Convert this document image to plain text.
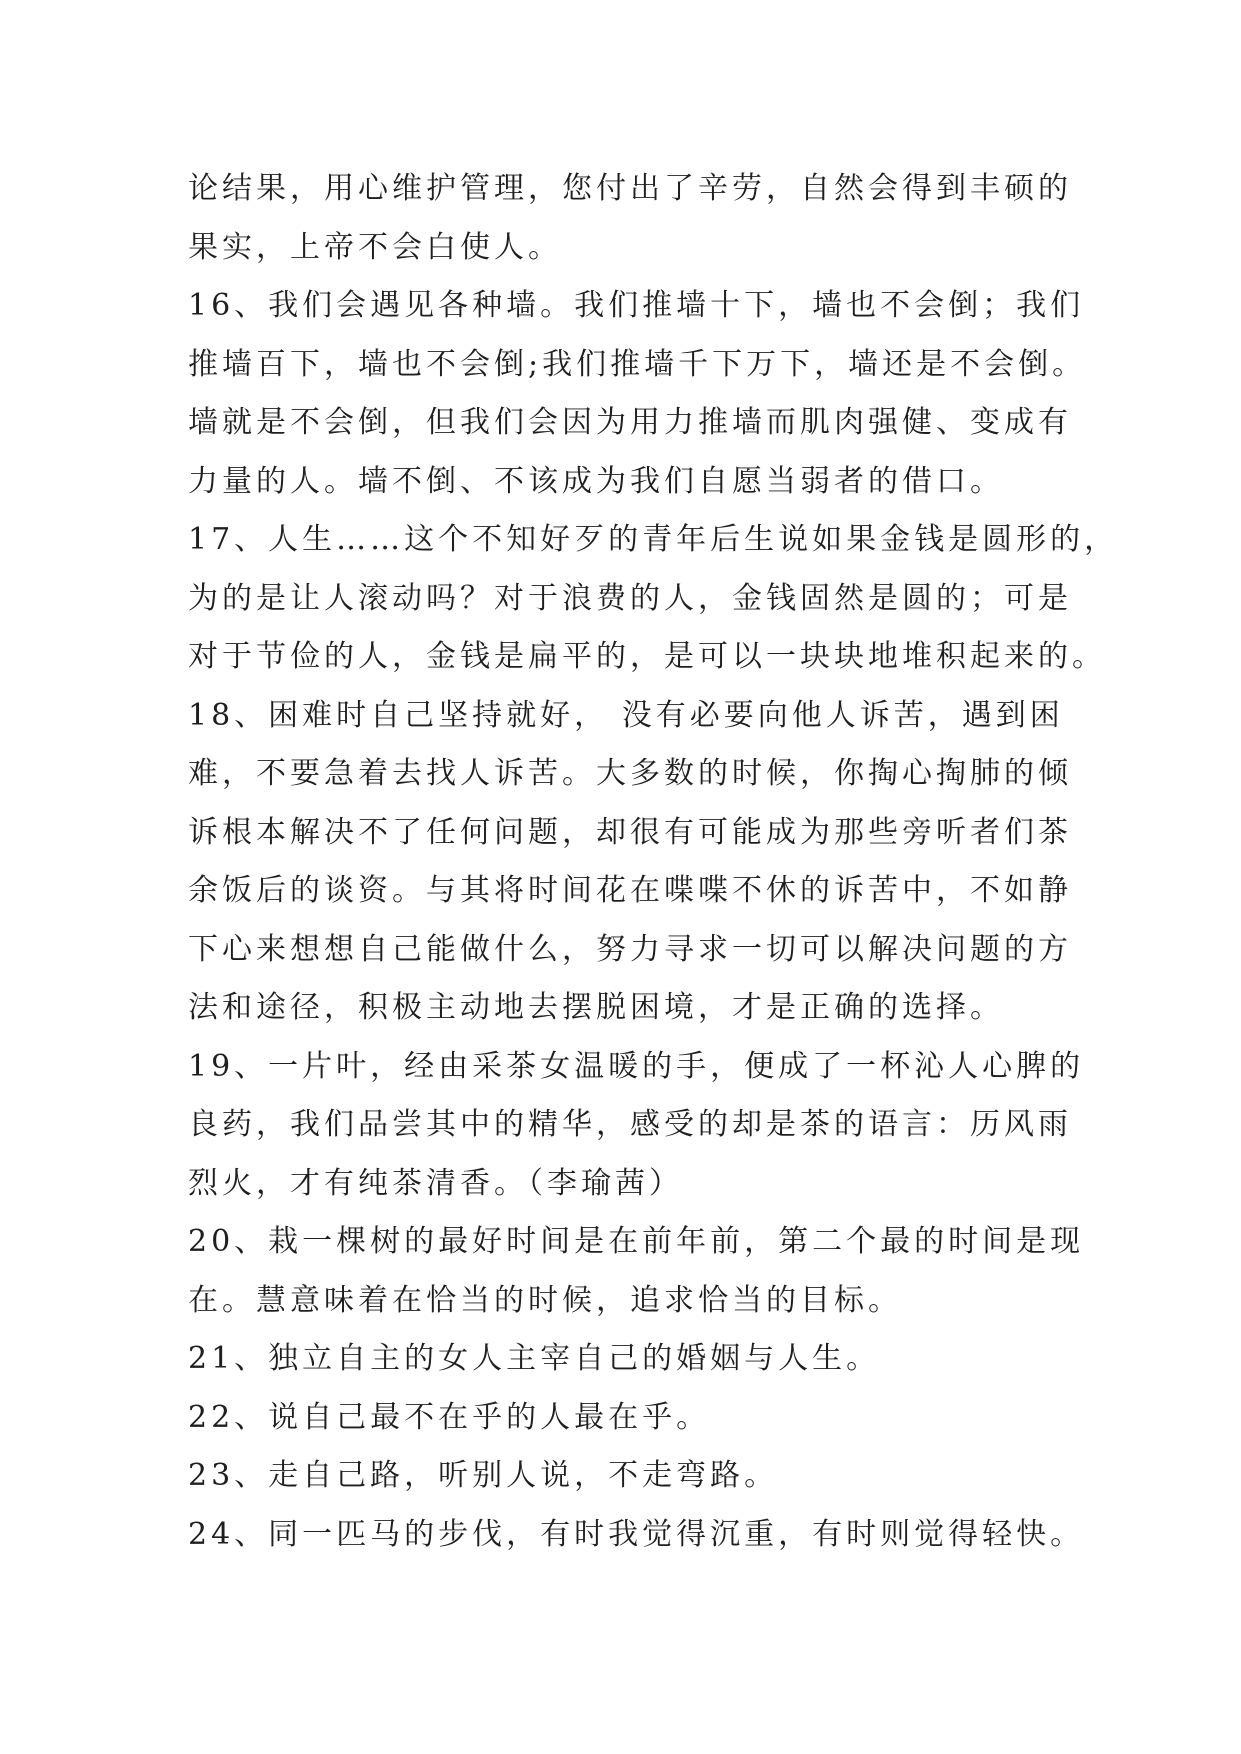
论结果，用心维护管理，您付出了辛劳，自然会得到丰硕的
果实，上帝不会白使人。
16、我们会遇见各种墙。我们推墙十下，墙也不会倒；我们
推墙百下，墙也不会倒;我们推墙千下万下，墙还是不会倒。
墙就是不会倒，但我们会因为用力推墙而肌肉强健、变成有
力量的人。墙不倒、不该成为我们自愿当弱者的借口。
17、人生……这个不知好歹的青年后生说如果金钱是圆形的，
为的是让人滚动吗？对于浪费的人，金钱固然是圆的；可是
对于节俭的人，金钱是扁平的，是可以一块块地堆积起来的。
18、困难时自己坚持就好， 没有必要向他人诉苦，遇到困
难，不要急着去找人诉苦。大多数的时候，你掏心掏肺的倾
诉根本解决不了任何问题，却很有可能成为那些旁听者们茶
余饭后的谈资。与其将时间花在喋喋不休的诉苦中，不如静
下心来想想自己能做什么，努力寻求一切可以解决问题的方
法和途径，积极主动地去摆脱困境，才是正确的选择。
19、一片叶，经由采茶女温暖的手，便成了一杯沁人心脾的
良药，我们品尝其中的精华，感受的却是茶的语言：历风雨
烈火，才有纯茶清香。（李瑜茜）
20、栽一棵树的最好时间是在前年前，第二个最的时间是现
在。慧意味着在恰当的时候，追求恰当的目标。
21、独立自主的女人主宰自己的婚姻与人生。
22、说自己最不在乎的人最在乎。
23、走自己路，听别人说，不走弯路。
24、同一匹马的步伐，有时我觉得沉重，有时则觉得轻快。
